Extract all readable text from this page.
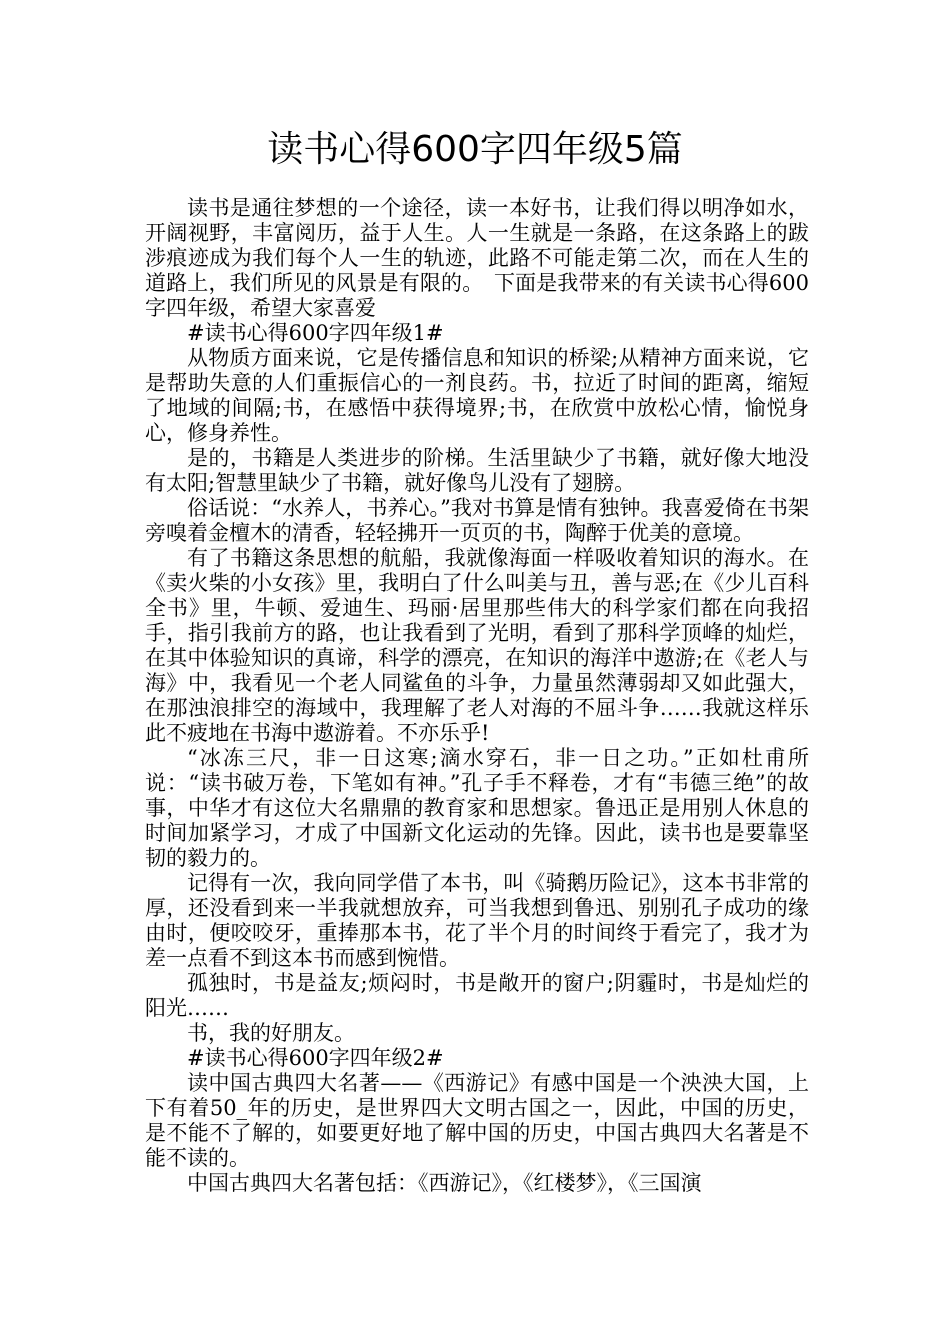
读书心得600字四年级5篇

读书是通往梦想的一个途径，读一本好书，让我们得以明净如水，开阔视野，丰富阅历，益于人生。人一生就是一条路，在这条路上的跋涉痕迹成为我们每个人一生的轨迹，此路不可能走第二次，而在人生的道路上，我们所见的风景是有限的。　下面是我带来的有关读书心得600字四年级，希望大家喜爱

#读书心得600字四年级1#

从物质方面来说，它是传播信息和知识的桥梁;从精神方面来说，它是帮助失意的人们重振信心的一剂良药。书，拉近了时间的距离，缩短了地域的间隔;书，在感悟中获得境界;书，在欣赏中放松心情，愉悦身心，修身养性。

是的，书籍是人类进步的阶梯。生活里缺少了书籍，就好像大地没有太阳;智慧里缺少了书籍，就好像鸟儿没有了翅膀。

俗话说：“水养人，书养心。”我对书算是情有独钟。我喜爱倚在书架旁嗅着金檀木的清香，轻轻拂开一页页的书，陶醉于优美的意境。

有了书籍这条思想的航船，我就像海面一样吸收着知识的海水。在《卖火柴的小女孩》里，我明白了什么叫美与丑，善与恶;在《少儿百科全书》里，牛顿、爱迪生、玛丽·居里那些伟大的科学家们都在向我招手，指引我前方的路，也让我看到了光明，看到了那科学顶峰的灿烂，在其中体验知识的真谛，科学的漂亮，在知识的海洋中遨游;在《老人与海》中，我看见一个老人同鲨鱼的斗争，力量虽然薄弱却又如此强大，在那浊浪排空的海域中，我理解了老人对海的不屈斗争……我就这样乐此不疲地在书海中遨游着。不亦乐乎!

“冰冻三尺，非一日这寒;滴水穿石，非一日之功。”正如杜甫所说：“读书破万卷，下笔如有神。”孔子手不释卷，才有“韦德三绝”的故事，中华才有这位大名鼎鼎的教育家和思想家。鲁迅正是用别人休息的时间加紧学习，才成了中国新文化运动的先锋。因此，读书也是要靠坚韧的毅力的。

记得有一次，我向同学借了本书，叫《骑鹅历险记》，这本书非常的厚，还没看到来一半我就想放弃，可当我想到鲁迅、别别孔子成功的缘由时，便咬咬牙，重捧那本书，花了半个月的时间终于看完了，我才为差一点看不到这本书而感到惋惜。

孤独时，书是益友;烦闷时，书是敞开的窗户;阴霾时，书是灿烂的阳光……

书，我的好朋友。

#读书心得600字四年级2#

读中国古典四大名著——《西游记》有感中国是一个泱泱大国，上下有着50_年的历史，是世界四大文明古国之一，因此，中国的历史，是不能不了解的，如要更好地了解中国的历史，中国古典四大名著是不能不读的。

中国古典四大名著包括：《西游记》，《红楼梦》，《三国演
